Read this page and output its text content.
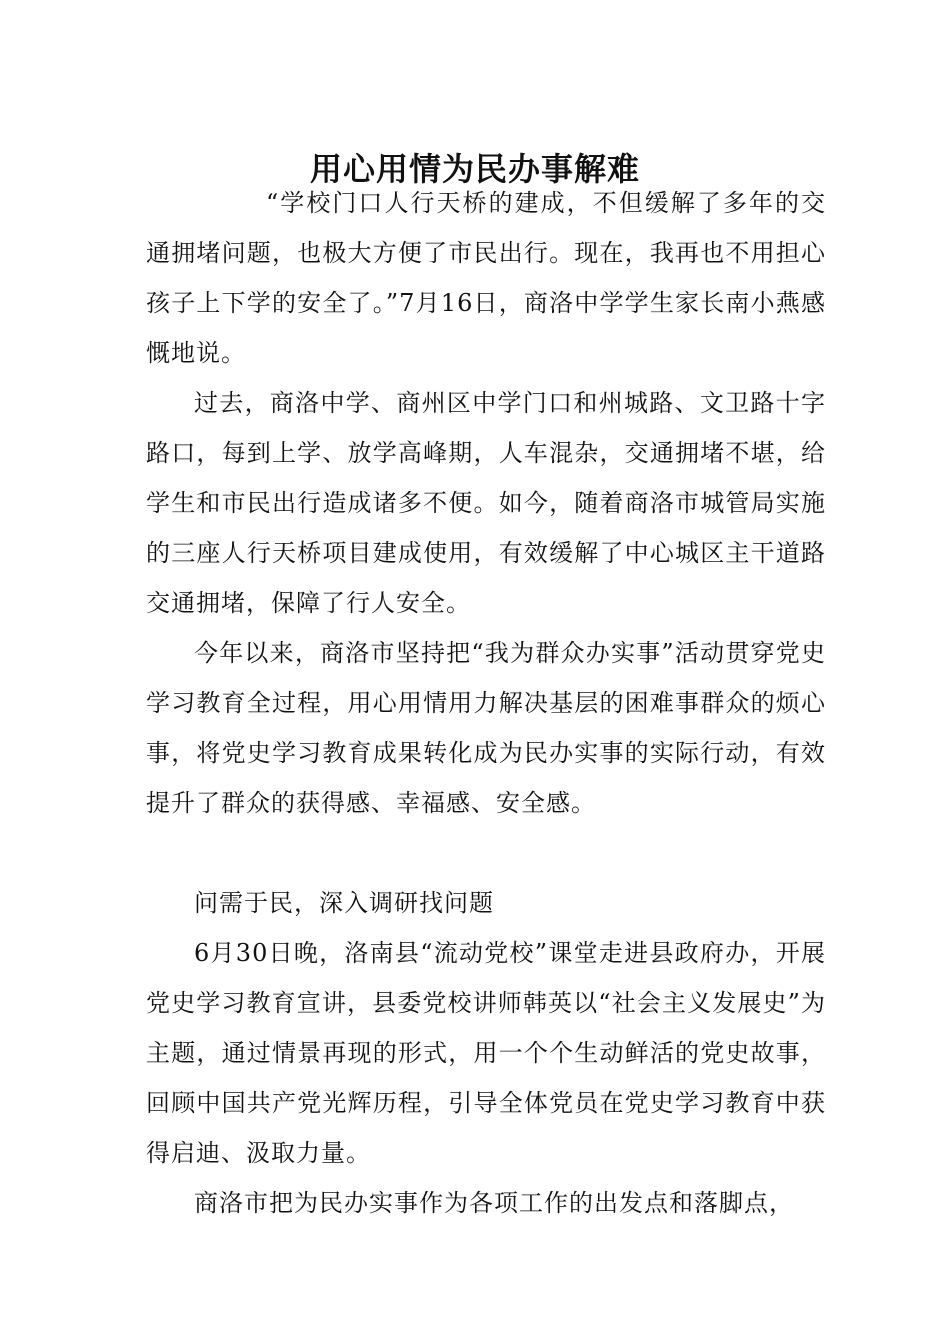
用心用情为民办事解难

“学校门口人行天桥的建成，不但缓解了多年的交通拥堵问题，也极大方便了市民出行。现在，我再也不用担心孩子上下学的安全了。”7月16日，商洛中学学生家长南小燕感慨地说。

过去，商洛中学、商州区中学门口和州城路、文卫路十字路口，每到上学、放学高峰期，人车混杂，交通拥堵不堪，给学生和市民出行造成诸多不便。如今，随着商洛市城管局实施的三座人行天桥项目建成使用，有效缓解了中心城区主干道路交通拥堵，保障了行人安全。

今年以来，商洛市坚持把“我为群众办实事”活动贯穿党史学习教育全过程，用心用情用力解决基层的困难事群众的烦心事，将党史学习教育成果转化成为民办实事的实际行动，有效提升了群众的获得感、幸福感、安全感。

问需于民，深入调研找问题

6月30日晚，洛南县“流动党校”课堂走进县政府办，开展党史学习教育宣讲，县委党校讲师韩英以“社会主义发展史”为主题，通过情景再现的形式，用一个个生动鲜活的党史故事，回顾中国共产党光辉历程，引导全体党员在党史学习教育中获得启迪、汲取力量。

商洛市把为民办实事作为各项工作的出发点和落脚点，
